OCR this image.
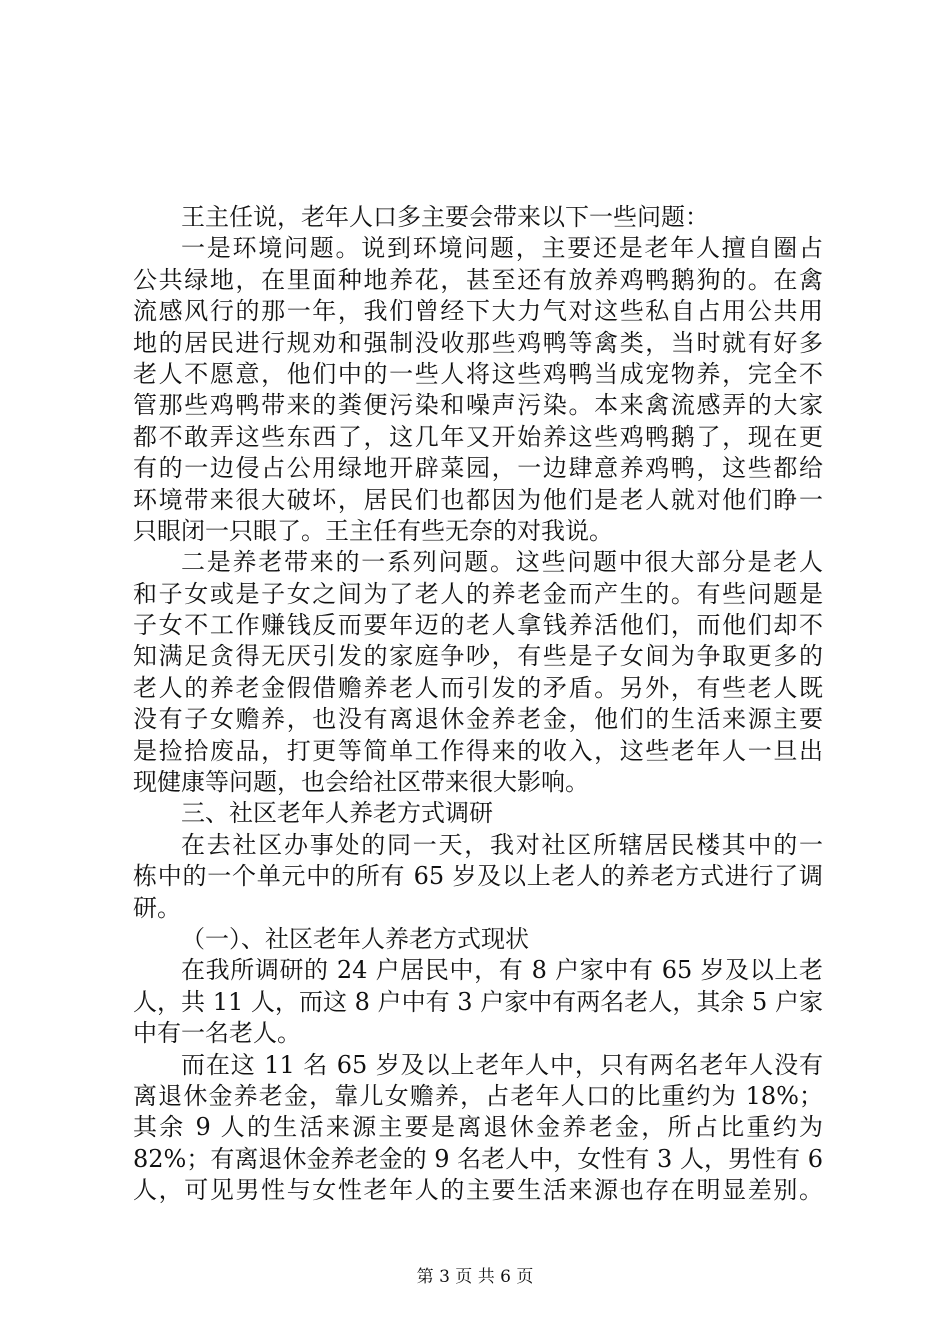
王主任说，老年人口多主要会带来以下一些问题：
一是环境问题。说到环境问题，主要还是老年人擅自圈占
公共绿地，在里面种地养花，甚至还有放养鸡鸭鹅狗的。在禽
流感风行的那一年，我们曾经下大力气对这些私自占用公共用
地的居民进行规劝和强制没收那些鸡鸭等禽类，当时就有好多
老人不愿意，他们中的一些人将这些鸡鸭当成宠物养，完全不
管那些鸡鸭带来的粪便污染和噪声污染。本来禽流感弄的大家
都不敢弄这些东西了，这几年又开始养这些鸡鸭鹅了，现在更
有的一边侵占公用绿地开辟菜园，一边肆意养鸡鸭，这些都给
环境带来很大破坏，居民们也都因为他们是老人就对他们睁一
只眼闭一只眼了。王主任有些无奈的对我说。
二是养老带来的一系列问题。这些问题中很大部分是老人
和子女或是子女之间为了老人的养老金而产生的。有些问题是
子女不工作赚钱反而要年迈的老人拿钱养活他们，而他们却不
知满足贪得无厌引发的家庭争吵，有些是子女间为争取更多的
老人的养老金假借赡养老人而引发的矛盾。另外，有些老人既
没有子女赡养，也没有离退休金养老金，他们的生活来源主要
是捡拾废品，打更等简单工作得来的收入，这些老年人一旦出
现健康等问题，也会给社区带来很大影响。
三、社区老年人养老方式调研
在去社区办事处的同一天，我对社区所辖居民楼其中的一
栋中的一个单元中的所有 65 岁及以上老人的养老方式进行了调
研。
（一）、社区老年人养老方式现状
在我所调研的 24 户居民中，有 8 户家中有 65 岁及以上老
人，共 11 人，而这 8 户中有 3 户家中有两名老人，其余 5 户家
中有一名老人。
而在这 11 名 65 岁及以上老年人中，只有两名老年人没有
离退休金养老金，靠儿女赡养，占老年人口的比重约为 18%；
其余 9 人的生活来源主要是离退休金养老金，所占比重约为
82%；有离退休金养老金的 9 名老人中，女性有 3 人，男性有 6
人，可见男性与女性老年人的主要生活来源也存在明显差别。
第 3 页 共 6 页
